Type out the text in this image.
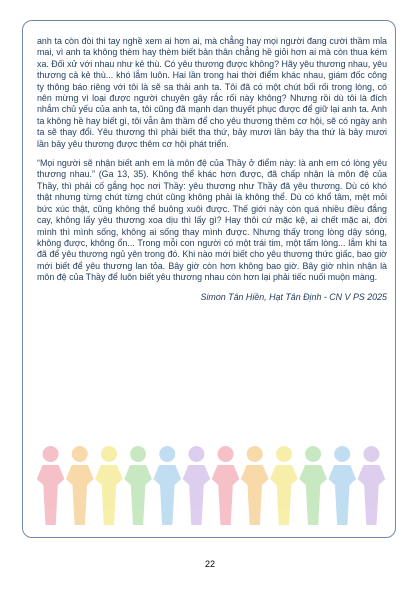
anh ta còn đòi thi tay nghề xem ai hơn ai, mà chẳng hay mọi người đang cười thầm mỉa mai, vì anh ta không thèm hay thèm biết bản thân chẳng hề giỏi hơn ai mà còn thua kém xa. Đối xử với nhau như kẻ thù. Có yêu thương được không? Hãy yêu thương nhau, yêu thương cả kẻ thù... khó lắm luôn. Hai lần trong hai thời điểm khác nhau, giám đốc công ty thông báo riêng với tôi là sẽ sa thải anh ta. Tôi đã có một chút bối rối trong lòng, có nên mừng vì loại được người chuyên gây rắc rối này không? Nhưng rồi dù tôi là đích nhắm chủ yếu của anh ta, tôi cũng đã mạnh dạn thuyết phục được để giữ lại anh ta. Anh ta không hề hay biết gì, tôi vẫn âm thầm để cho yêu thương thêm cơ hội, sẽ có ngày anh ta sẽ thay đổi. Yêu thương thì phải biết tha thứ, bảy mươi lần bảy tha thứ là bảy mươi lần bảy yêu thương được thêm cơ hội phát triển.

“Mọi người sẽ nhận biết anh em là môn đệ của Thầy ở điểm này: là anh em có lòng yêu thương nhau.” (Ga 13, 35). Không thể khác hơn được, đã chấp nhận là môn đệ của Thầy, thì phải cố gắng học nơi Thầy: yêu thương như Thầy đã yêu thương. Dù có khó thật nhưng từng chút từng chút cũng không phải là không thể. Dù có khổ tâm, mệt mỏi bức xúc thật, cũng không thể buông xuôi được. Thế giới này còn quá nhiều điều đắng cay, không lấy yêu thương xoa dịu thì lấy gì? Hay thôi cứ mặc kệ, ai chết mặc ai, đời mình thì mình sống, không ai sống thay mình được. Nhưng thấy trong lòng dậy sóng, không được, không ổn... Trong mỗi con người có một trái tim, một tấm lòng... lắm khi ta đã để yêu thương ngủ yên trong đó. Khi nào mới biết cho yêu thương thức giấc, bao giờ mới biết để yêu thương lan tỏa. Bây giờ còn hơn không bao giờ. Bây giờ nhìn nhận là môn đệ của Thầy để luôn biết yêu thương nhau còn hơn lại phải tiếc nuối muộn màng.

Simon Tân Hiền, Hạt Tân Định - CN V PS 2025
22
